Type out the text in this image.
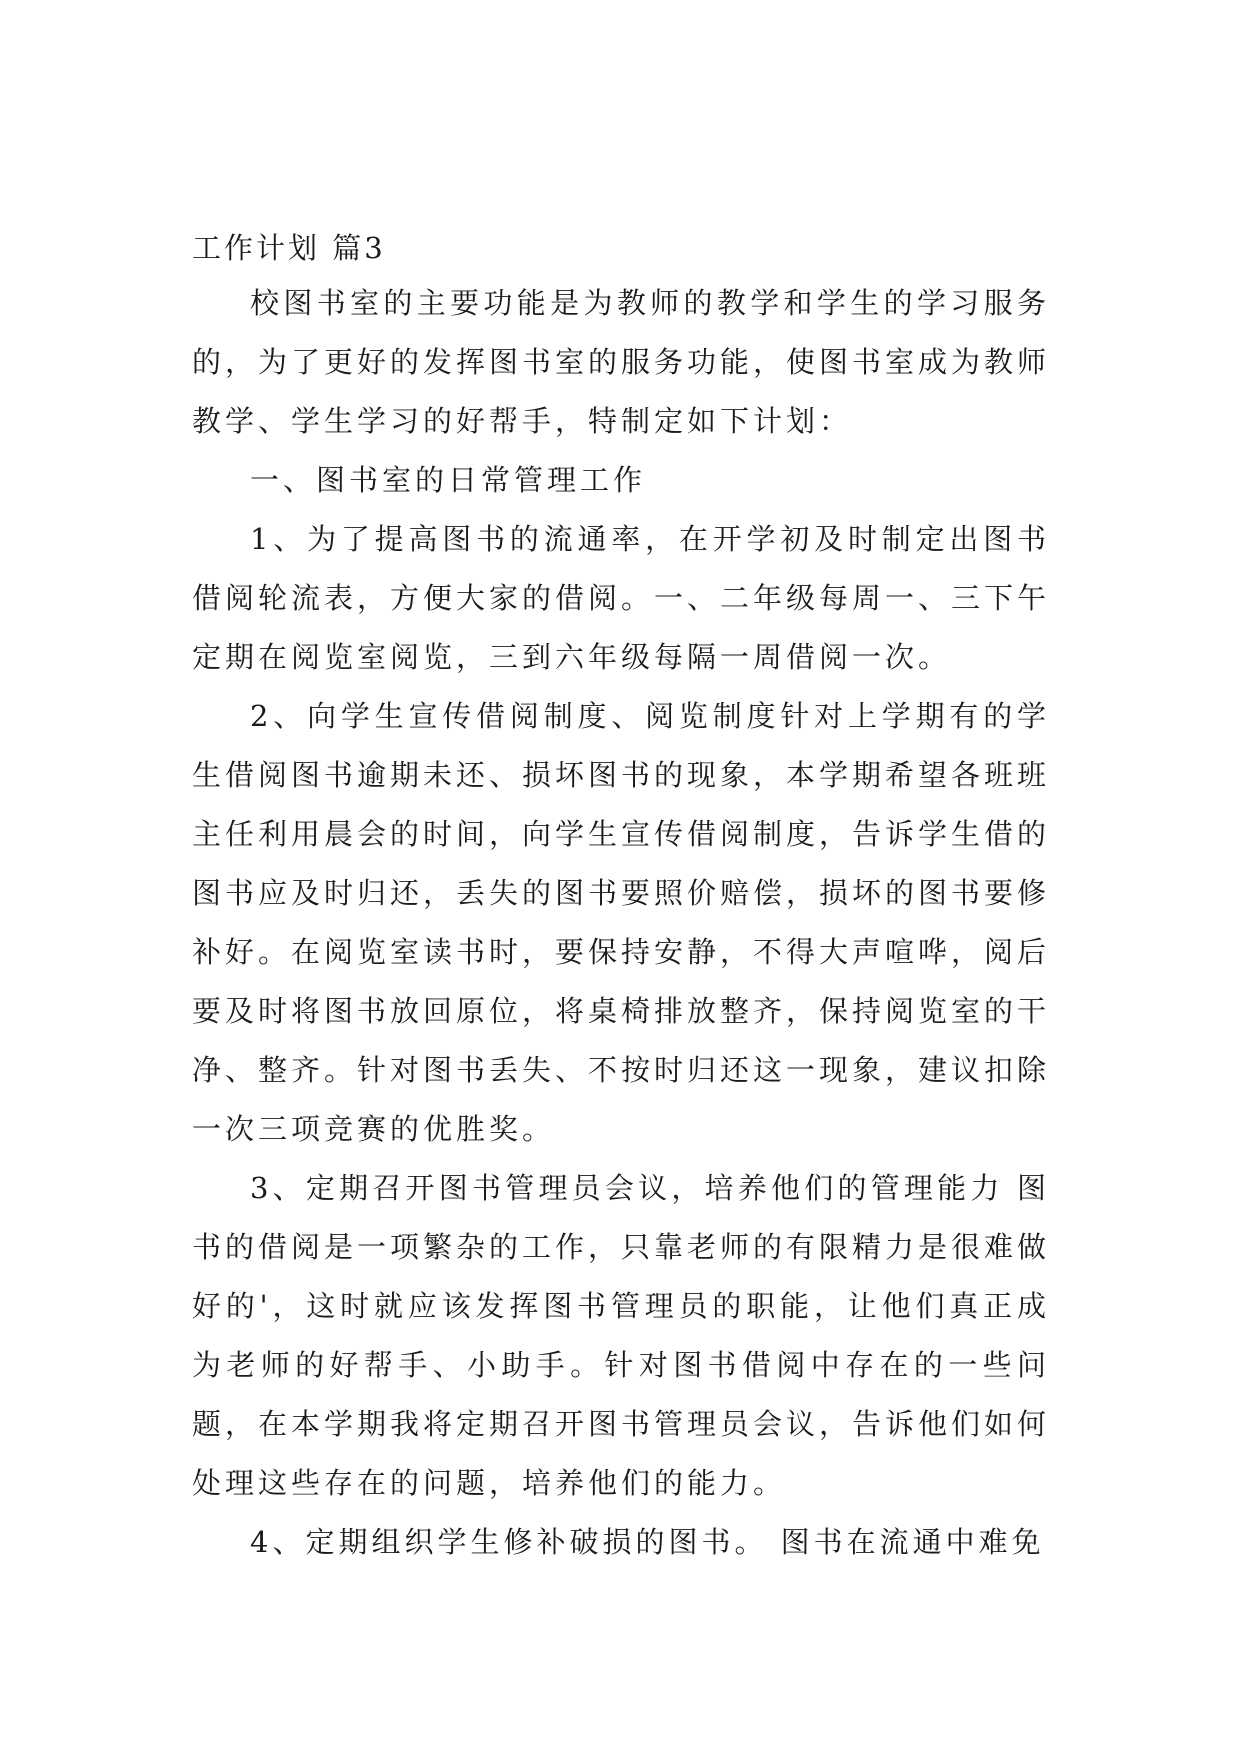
工作计划 篇3

校图书室的主要功能是为教师的教学和学生的学习服务的，为了更好的发挥图书室的服务功能，使图书室成为教师教学、学生学习的好帮手，特制定如下计划：

一、图书室的日常管理工作

1、为了提高图书的流通率，在开学初及时制定出图书借阅轮流表，方便大家的借阅。一、二年级每周一、三下午定期在阅览室阅览，三到六年级每隔一周借阅一次。

2、向学生宣传借阅制度、阅览制度针对上学期有的学生借阅图书逾期未还、损坏图书的现象，本学期希望各班班主任利用晨会的时间，向学生宣传借阅制度，告诉学生借的图书应及时归还，丢失的图书要照价赔偿，损坏的图书要修补好。在阅览室读书时，要保持安静，不得大声喧哗，阅后要及时将图书放回原位，将桌椅排放整齐，保持阅览室的干净、整齐。针对图书丢失、不按时归还这一现象，建议扣除一次三项竞赛的优胜奖。

3、定期召开图书管理员会议，培养他们的管理能力 图书的借阅是一项繁杂的工作，只靠老师的有限精力是很难做好的'，这时就应该发挥图书管理员的职能，让他们真正成为老师的好帮手、小助手。针对图书借阅中存在的一些问题，在本学期我将定期召开图书管理员会议，告诉他们如何处理这些存在的问题，培养他们的能力。

4、定期组织学生修补破损的图书。 图书在流通中难免
